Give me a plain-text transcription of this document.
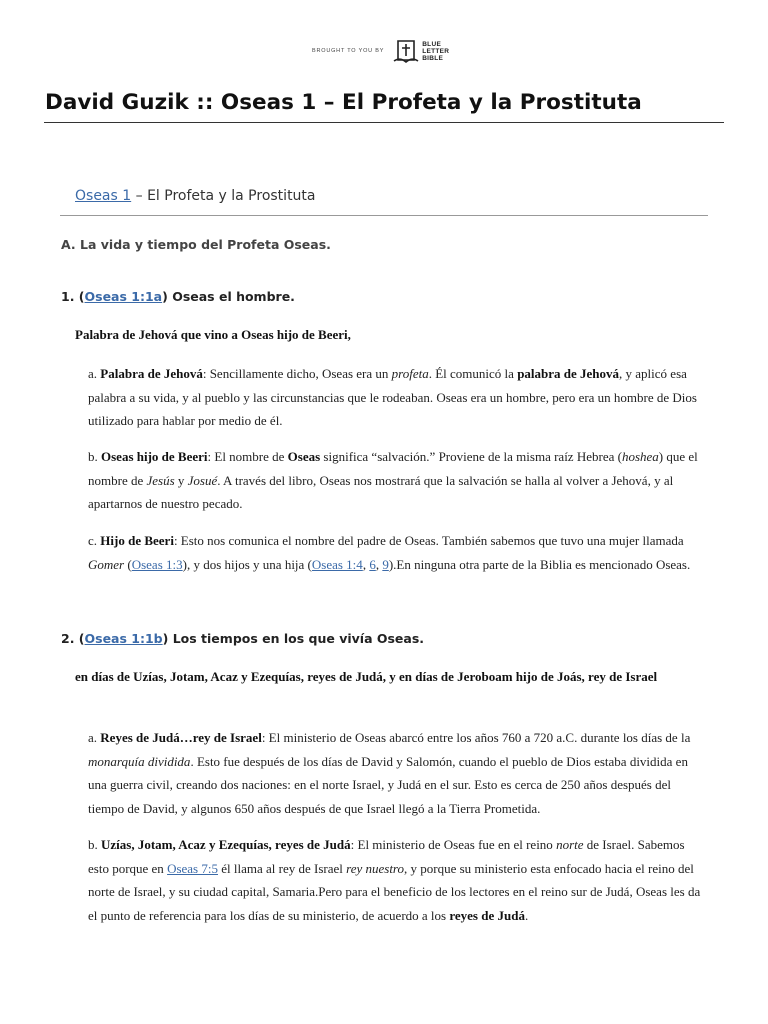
BROUGHT TO YOU BY
BLUE
LETTER
BIBLE
David Guzik :: Oseas 1 – El Profeta y la Prostituta
Oseas 1 – El Profeta y la Prostituta
A. La vida y tiempo del Profeta Oseas.
1. (Oseas 1:1a) Oseas el hombre.
Palabra de Jehová que vino a Oseas hijo de Beeri,
a. Palabra de Jehová: Sencillamente dicho, Oseas era un profeta. Él comunicó la palabra de Jehová, y aplicó esa palabra a su vida, y al pueblo y las circunstancias que le rodeaban. Oseas era un hombre, pero era un hombre de Dios utilizado para hablar por medio de él.
b. Oseas hijo de Beeri: El nombre de Oseas significa “salvación.” Proviene de la misma raíz Hebrea (hoshea) que el nombre de Jesús y Josué. A través del libro, Oseas nos mostrará que la salvación se halla al volver a Jehová, y al apartarnos de nuestro pecado.
c. Hijo de Beeri: Esto nos comunica el nombre del padre de Oseas. También sabemos que tuvo una mujer llamada Gomer (Oseas 1:3), y dos hijos y una hija (Oseas 1:4, 6, 9).En ninguna otra parte de la Biblia es mencionado Oseas.
2. (Oseas 1:1b) Los tiempos en los que vivía Oseas.
en días de Uzías, Jotam, Acaz y Ezequías, reyes de Judá, y en días de Jeroboam hijo de Joás, rey de Israel
a. Reyes de Judá…rey de Israel: El ministerio de Oseas abarcó entre los años 760 a 720 a.C. durante los días de la monarquía dividida. Esto fue después de los días de David y Salomón, cuando el pueblo de Dios estaba dividida en una guerra civil, creando dos naciones: en el norte Israel, y Judá en el sur. Esto es cerca de 250 años después del tiempo de David, y algunos 650 años después de que Israel llegó a la Tierra Prometida.
b. Uzías, Jotam, Acaz y Ezequías, reyes de Judá: El ministerio de Oseas fue en el reino norte de Israel. Sabemos esto porque en Oseas 7:5 él llama al rey de Israel rey nuestro, y porque su ministerio esta enfocado hacia el reino del norte de Israel, y su ciudad capital, Samaria.Pero para el beneficio de los lectores en el reino sur de Judá, Oseas les da el punto de referencia para los días de su ministerio, de acuerdo a los reyes de Judá.
